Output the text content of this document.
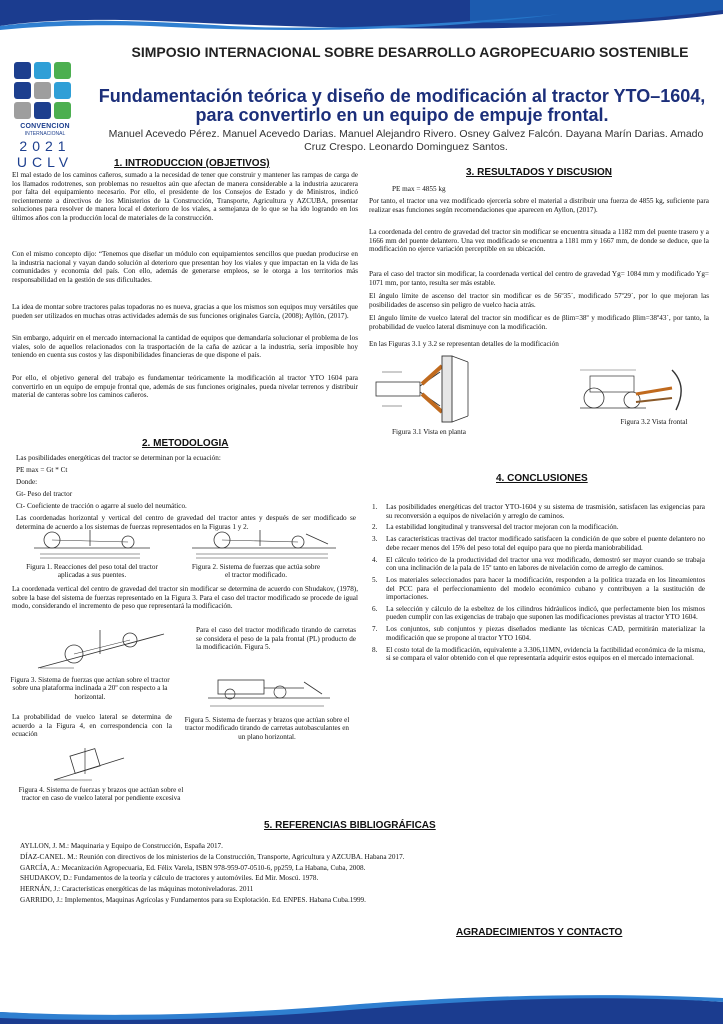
CONVENCION
INTERNACIONAL
2021
UCLV
SIMPOSIO INTERNACIONAL SOBRE DESARROLLO AGROPECUARIO SOSTENIBLE
Fundamentación teórica y diseño de modificación al tractor YTO–1604, para convertirlo en un equipo de empuje frontal.
Manuel Acevedo Pérez. Manuel Acevedo Darias. Manuel Alejandro Rivero. Osney Galvez Falcón. Dayana Marín Darias. Amado Cruz Crespo. Leonardo Dominguez Santos.
1. INTRODUCCION (OBJETIVOS)
El mal estado de los caminos cañeros, sumado a la necesidad de tener que construir y mantener las rampas de carga de los llamados rodotrenes, son problemas no resueltos aún que afectan de manera considerable a la industria azucarera por falta del equipamiento necesario. Por ello, el presidente de los Consejos de Estado y de Ministros, indicó recientemente a directivos de los Ministerios de la Construcción, Transporte, Agricultura y AZCUBA, presentar soluciones para resolver de manera local el deterioro de los viales, a semejanza de lo que se ha ido logrando en los últimos años con la producción local de materiales de la construcción.
Con el mismo concepto dijo: “Tenemos que diseñar un módulo con equipamientos sencillos que puedan producirse en la industria nacional y vayan dando solución al deterioro que presentan hoy los viales y que impactan en la vida de las comunidades y economía del país. Con ello, además de generarse empleos, se le otorga a los territorios más responsabilidad en la gestión de sus dificultades.
La idea de montar sobre tractores palas topadoras no es nueva, gracias a que los mismos son equipos muy versátiles que pueden ser utilizados en muchas otras actividades además de sus funciones originales García, (2008); Ayllón, (2017).
Sin embargo, adquirir en el mercado internacional la cantidad de equipos que demandaría solucionar el problema de los viales, solo de aquellos relacionados con la trasportación de la caña de azúcar a la industria, sería imposible hoy teniendo en cuenta sus costos y las disponibilidades financieras de que dispone el país.
Por ello, el objetivo general del trabajo es fundamentar teóricamente la modificación al tractor YTO 1604 para convertirlo en un equipo de empuje frontal que, además de sus funciones originales, pueda nivelar terrenos y distribuir material de canteras sobre los caminos cañeros.
2. METODOLOGIA
Las posibilidades energéticas del tractor se determinan por la ecuación:
PE max = Gt * Ct
Donde:
Gt- Peso del tractor
Ct- Coeficiente de tracción o agarre al suelo del neumático.
Las coordenadas horizontal y vertical del centro de gravedad del tractor antes y después de ser modificado se determina de acuerdo a los sistemas de fuerzas representados en la Figuras 1 y 2.
Figura 1. Reacciones del peso total del tractor aplicadas a sus puentes.
Figura 2. Sistema de fuerzas que actúa sobre el tractor modificado.
La coordenada vertical del centro de gravedad del tractor sin modificar se determina de acuerdo con Shudakov, (1978), sobre la base del sistema de fuerzas representado en la Figura 3. Para el caso del tractor modificado se procede de igual modo, considerando el incremento de peso que representará la modificación.
Figura 3. Sistema de fuerzas que actúan sobre el tractor sobre una plataforma inclinada a 20º con respecto a la horizontal.
Para el caso del tractor modificado tirando de carretas se considera el peso de la pala frontal (PL) producto de la modificación. Figura 5.
La probabilidad de vuelco lateral se determina de acuerdo a la Figura 4, en correspondencia con la ecuación
Figura 5. Sistema de fuerzas y brazos que actúan sobre el tractor modificado tirando de carretas autobasculantes en un plano horizontal.
Figura 4. Sistema de fuerzas y brazos que actúan sobre el tractor en caso de vuelco lateral por pendiente excesiva
3. RESULTADOS Y DISCUSION
PE max = 4855 kg
Por tanto, el tractor una vez modificado ejercería sobre el material a distribuir una fuerza de 4855 kg, suficiente para realizar esas funciones según recomendaciones que aparecen en Ayllon, (2017).
La coordenada del centro de gravedad del tractor sin modificar se encuentra situada a 1182 mm del puente trasero y a 1666 mm del puente delantero. Una vez modificado se encuentra a 1181 mm y 1667 mm, de donde se deduce, que la modificación no ejerce variación perceptible en su ubicación.
Para el caso del tractor sin modificar, la coordenada vertical del centro de gravedad Yg= 1084 mm y modificado Yg= 1071 mm, por tanto, resulta ser más estable.
El ángulo límite de ascenso del tractor sin modificar es de 56º35´, modificado 57º29´, por lo que mejoran las posibilidades de ascenso sin peligro de vuelco hacia atrás.
El ángulo límite de vuelco lateral del tractor sin modificar es de βlim=38º y modificado βlim=38º43´, por tanto, la probabilidad de vuelco lateral disminuye con la modificación.
En las Figuras 3.1 y 3.2 se representan detalles de la modificación
Figura 3.1 Vista en planta
Figura 3.2 Vista frontal
4. CONCLUSIONES
1. Las posibilidades energéticas del tractor YTO-1604 y su sistema de trasmisión, satisfacen las exigencias para su reconversión a equipos de nivelación y arreglo de caminos.
2. La estabilidad longitudinal y transversal del tractor mejoran con la modificación.
3. Las características tractivas del tractor modificado satisfacen la condición de que sobre el puente delantero no debe recaer menos del 15% del peso total del equipo para que no pierda maniobrabilidad.
4. El cálculo teórico de la productividad del tractor una vez modificado, demostró ser mayor cuando se trabaja con una inclinación de la pala de 15º tanto en labores de nivelación como de arreglo de caminos.
5. Los materiales seleccionados para hacer la modificación, responden a la política trazada en los lineamientos del PCC para el perfeccionamiento del modelo económico cubano y contribuyen a la sustitución de importaciones.
6. La selección y cálculo de la esbeltez de los cilindros hidráulicos indicó, que perfectamente bien los mismos pueden cumplir con las exigencias de trabajo que suponen las modificaciones previstas al tractor YTO 1604.
7. Los conjuntos, sub conjuntos y piezas diseñados mediante las técnicas CAD, permitirán materializar la modificación que se propone al tractor YTO 1604.
8. El costo total de la modificación, equivalente a 3.306,11MN, evidencia la factibilidad económica de la misma, si se compara el valor obtenido con el que representaría adquirir estos equipos en el mercado internacional.
5. REFERENCIAS BIBLIOGRÁFICAS

AYLLON, J. M.: Maquinaria y Equipo de Construcción, España 2017.

DÍAZ-CANEL. M.: Reunión con directivos de los ministerios de la Construcción, Transporte, Agricultura y AZCUBA. Habana 2017.

GARCÍA, A.: Mecanización Agropecuaria, Ed. Félix Varela, ISBN 978-959-07-0510-6, pp259, La Habana, Cuba, 2008.

SHUDAKOV, D.: Fundamentos de la teoría y cálculo de tractores y automóviles. Ed Mir. Moscú. 1978.

HERNÁN, J.: Características energéticas de las máquinas motoniveladoras. 2011

GARRIDO, J.: Implementos, Maquinas Agrícolas y Fundamentos para su Explotación. Ed. ENPES. Habana Cuba.1999.

AGRADECIMIENTOS Y CONTACTO
